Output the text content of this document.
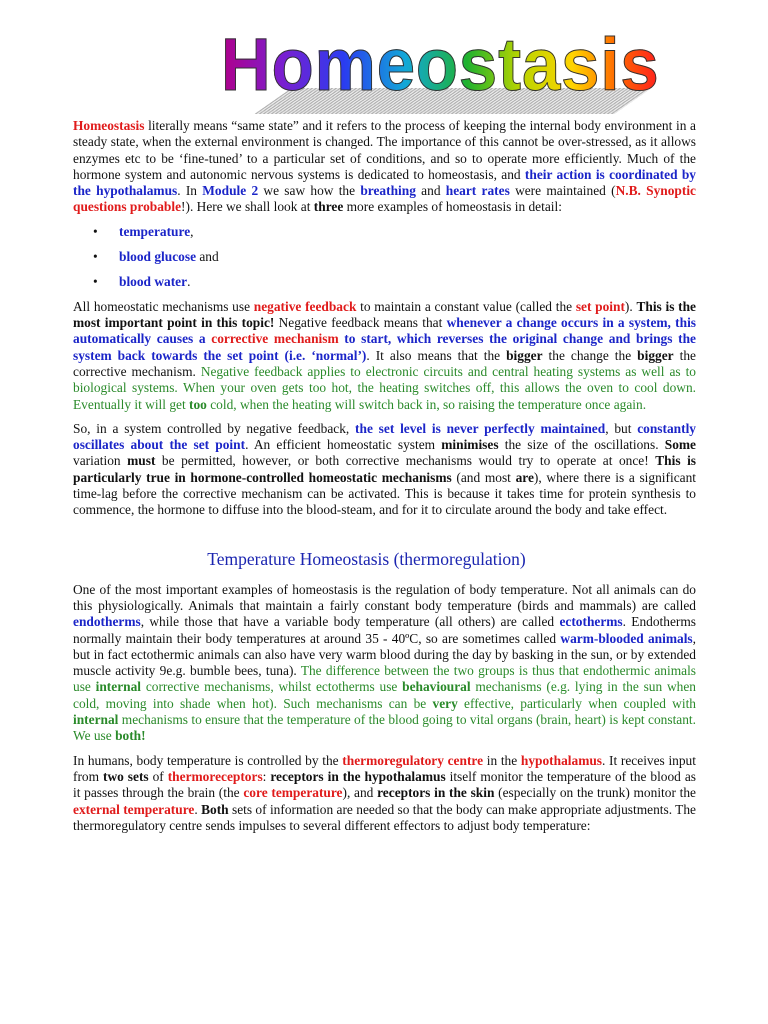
Homeostasis

Homeostasis literally means “same state” and it refers to the process of keeping the internal body environment in a steady state, when the external environment is changed. The importance of this cannot be over-stressed, as it allows enzymes etc to be ‘fine-tuned’ to a particular set of conditions, and so to operate more efficiently. Much of the hormone system and autonomic nervous systems is dedicated to homeostasis, and their action is coordinated by the hypothalamus. In Module 2 we saw how the breathing and heart rates were maintained (N.B. Synoptic questions probable!). Here we shall look at three more examples of homeostasis in detail:

• temperature,
• blood glucose and
• blood water.

All homeostatic mechanisms use negative feedback to maintain a constant value (called the set point). This is the most important point in this topic! Negative feedback means that whenever a change occurs in a system, this automatically causes a corrective mechanism to start, which reverses the original change and brings the system back towards the set point (i.e. ‘normal’). It also means that the bigger the change the bigger the corrective mechanism. Negative feedback applies to electronic circuits and central heating systems as well as to biological systems. When your oven gets too hot, the heating switches off, this allows the oven to cool down. Eventually it will get too cold, when the heating will switch back in, so raising the temperature once again.

So, in a system controlled by negative feedback, the set level is never perfectly maintained, but constantly oscillates about the set point. An efficient homeostatic system minimises the size of the oscillations. Some variation must be permitted, however, or both corrective mechanisms would try to operate at once! This is particularly true in hormone-controlled homeostatic mechanisms (and most are), where there is a significant time-lag before the corrective mechanism can be activated. This is because it takes time for protein synthesis to commence, the hormone to diffuse into the blood-steam, and for it to circulate around the body and take effect.

Temperature Homeostasis (thermoregulation)

One of the most important examples of homeostasis is the regulation of body temperature. Not all animals can do this physiologically. Animals that maintain a fairly constant body temperature (birds and mammals) are called endotherms, while those that have a variable body temperature (all others) are called ectotherms. Endotherms normally maintain their body temperatures at around 35 - 40ºC, so are sometimes called warm-blooded animals, but in fact ectothermic animals can also have very warm blood during the day by basking in the sun, or by extended muscle activity 9e.g. bumble bees, tuna). The difference between the two groups is thus that endothermic animals use internal corrective mechanisms, whilst ectotherms use behavioural mechanisms (e.g. lying in the sun when cold, moving into shade when hot). Such mechanisms can be very effective, particularly when coupled with internal mechanisms to ensure that the temperature of the blood going to vital organs (brain, heart) is kept constant. We use both!

In humans, body temperature is controlled by the thermoregulatory centre in the hypothalamus. It receives input from two sets of thermoreceptors: receptors in the hypothalamus itself monitor the temperature of the blood as it passes through the brain (the core temperature), and receptors in the skin (especially on the trunk) monitor the external temperature. Both sets of information are needed so that the body can make appropriate adjustments. The thermoregulatory centre sends impulses to several different effectors to adjust body temperature:
